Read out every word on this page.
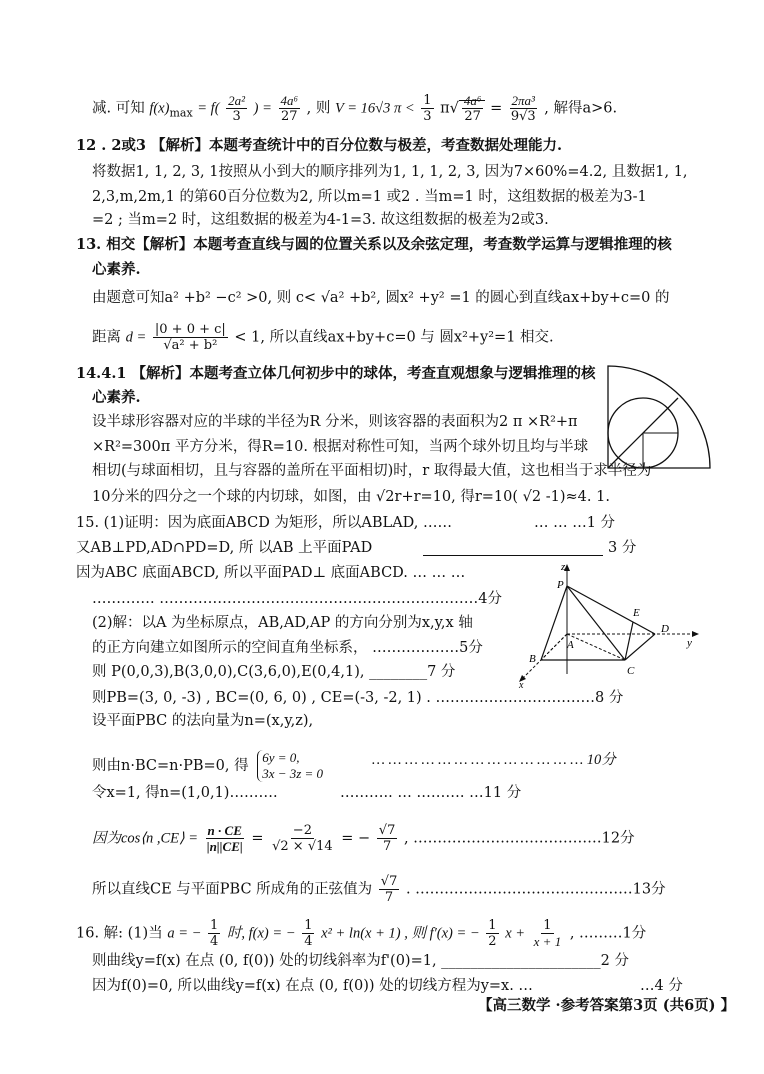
减. 可知 $f(x)_{max} = f( \frac{\text{2a²}}{3}$ ) = $\frac{\text{4a⁶}}{27}$ , 则 V = 16√3 $\pi < \frac{1}{3} \pi√ \frac{\text{4a⁶}}{27} = \frac{\text{2πa³}}{9√3}$ , 解得a>6.
12 . 2或3 【解析】本题考查统计中的百分位数与极差，考查数据处理能力.
将数据1, 1, 2, 3, 1按照从小到大的顺序排列为1, 1, 1, 2, 3, 因为7×60%=4.2, 且数据1, 1,
2,3,m,2m,1 的第60百分位数为2, 所以m=1 或2 . 当m=1 时，这组数据的极差为3-1
=2 ; 当m=2 时，这组数据的极差为4-1=3. 故这组数据的极差为2或3.
13. 相交【解析】本题考查直线与圆的位置关系以及余弦定理，考查数学运算与逻辑推理的核
心素养.
由题意可知a² +b² −c² >0, 则 c< √a² +b², 圆x² +y² =1 的圆心到直线ax+by+c=0 的
距离 $d = \frac{|0 + 0 + c|}{\text{√a² + b²}} < 1$, 所以直线ax+by+c=0 与 圆x²+y²=1 相交.
14.4.1 【解析】本题考查立体几何初步中的球体，考查直观想象与逻辑推理的核
心素养.
设半球形容器对应的半球的半径为R 分米，则该容器的表面积为2 π ×R²+π
×R²=300π 平方分米，得R=10. 根据对称性可知，当两个球外切且均与半球
相切(与球面相切，且与容器的盖所在平面相切)时，r 取得最大值，这也相当于求半径为
10分米的四分之一个球的内切球，如图，由 √2r+r=10, 得r=10( √2 -1)≈4. 1.
15. (1)证明：因为底面ABCD 为矩形，所以ABLAD, ……	… … …1 分
又AB⊥PD,AD∩PD=D, 所 以AB 上平面PAD	3 分
因为ABC 底面ABCD, 所以平面PAD⊥ 底面ABCD. … … …
…………. …………………………………………………………4分
(2)解：以A 为坐标原点，AB,AD,AP 的方向分别为x,y,x 轴
的正方向建立如图所示的空间直角坐标系， ………………5分
则 P(0,0,3),B(3,0,0),C(3,6,0),E(0,4,1), ________7 分
则PB=(3, 0, -3) , BC=(0, 6, 0) , CE=(-3, -2, 1) . ……………………………8 分
设平面PBC 的法向量为n=(x,y,z),
则由n·BC=n·PB=0, 得
6y = 0,
3x − 3z = 0
… … … … … … … … … … … … … 10分
令x=1, 得n=(1,0,1)……….	……….. … ………. …11 分
因为cos⟨n ,CE⟩ = $\frac{n \cdot CE}{|n||CE|} = \frac{-2}{√2 \times √14}$ = − $\frac{√7}{7}$ , …………………………………12分
所以直线CE 与平面PBC 所成角的正弦值为 $\frac{√7}{7}$ . ………………………………………13分
z
P
E
D
y
A
B
C
x
16. 解: (1)当 a = − $\frac{1}{4}$ 时, f(x) = − $\frac{1}{4} x^2 + \ln(x + 1)$ , 则 f′(x) = − $\frac{1}{2}$ $x + \frac{1}{x + 1}$ , ………1分
则曲线y=f(x) 在点 (0, f(0)) 处的切线斜率为f'(0)=1, ______________________2 分
因为f(0)=0, 所以曲线y=f(x) 在点 (0, f(0)) 处的切线方程为y=x. …	…4 分
【高三数学 ·参考答案第3页 (共6页) 】
